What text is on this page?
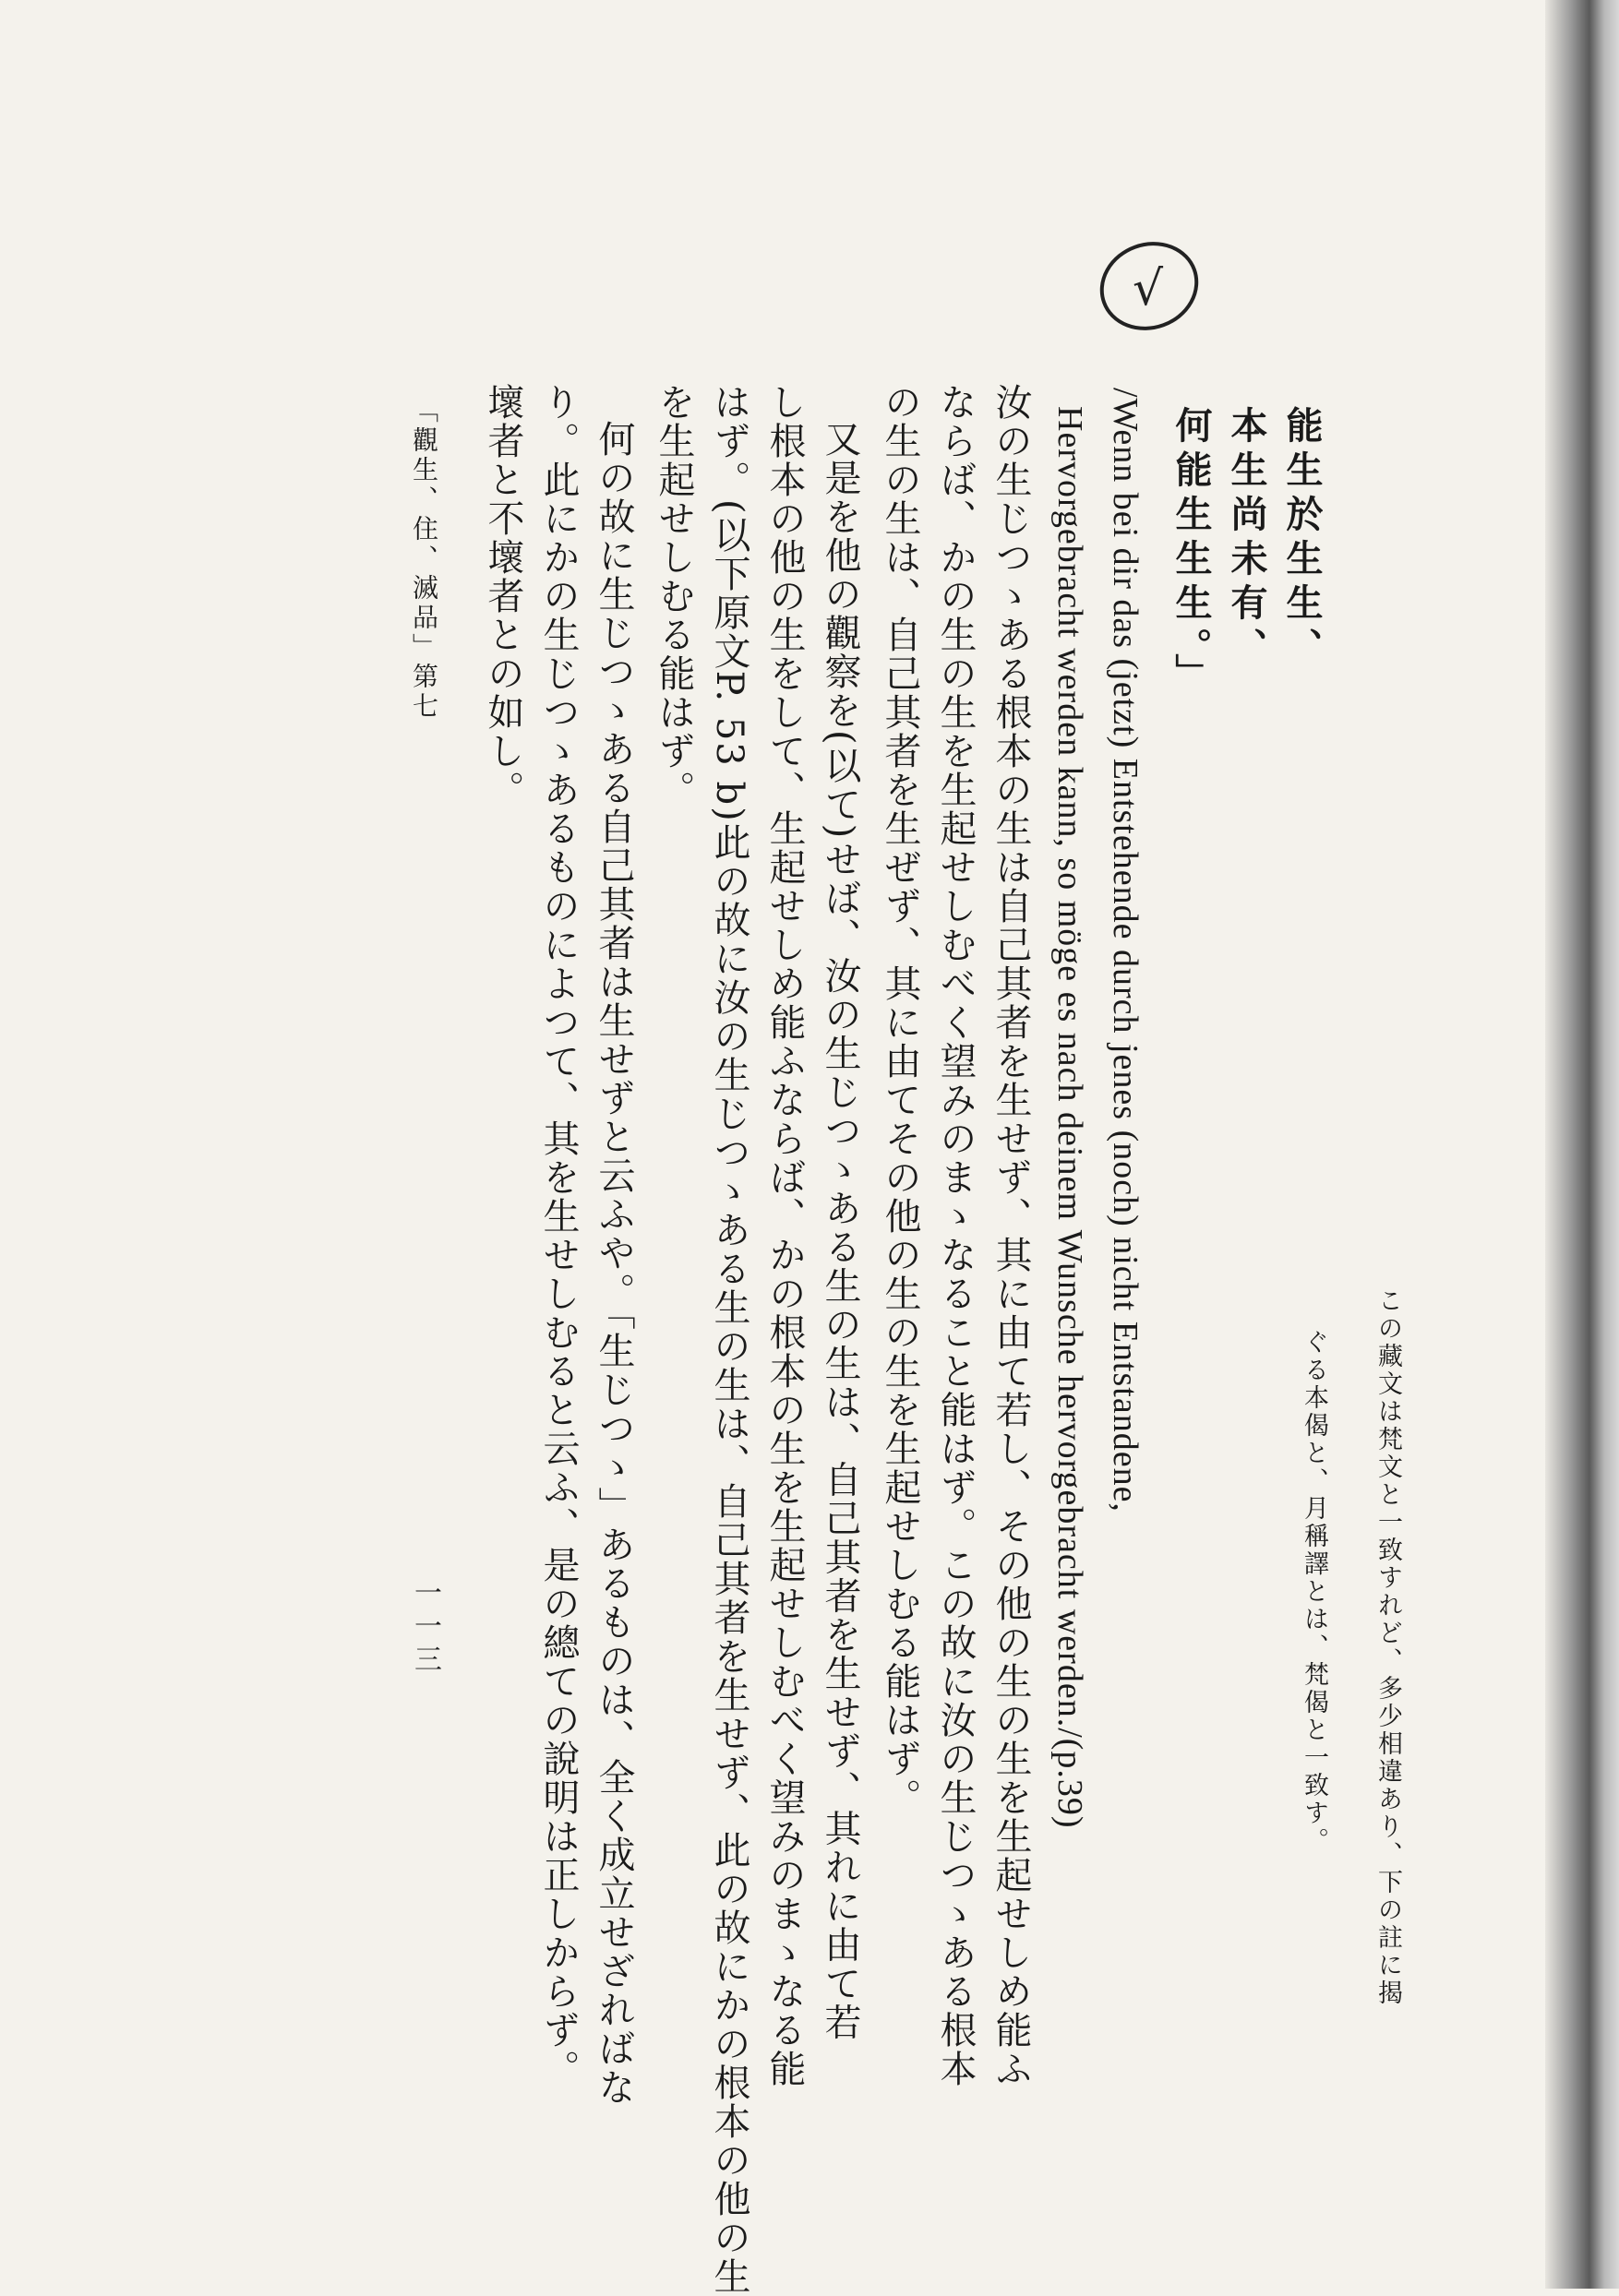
√
この藏文は梵文と一致すれど、多少相違あり、下の註に揭
ぐる本偈と、月稱譯とは、梵偈と一致す。
能生於生生、
本生尚未有、
何能生生生。」
/Wenn bei dir das (jetzt) Entstehende durch jenes (noch) nicht Entstandene,
Hervorgebracht werden kann, so möge es nach deinem Wunsche hervorgebracht werden./(p.39)
汝の生じつゝある根本の生は自己其者を生せず、其に由て若し、その他の生の生を生起せしめ能ふ
ならば、かの生の生を生起せしむべく望みのまゝなること能はず。この故に汝の生じつゝある根本
の生の生は、自己其者を生ぜず、其に由てその他の生の生を生起せしむる能はず。
又是を他の觀察を(以て)せば、汝の生じつゝある生の生は、自己其者を生せず、其れに由て若
し根本の他の生をして、生起せしめ能ふならば、かの根本の生を生起せしむべく望みのまゝなる能
はず。(以下原文P. 53 b)此の故に汝の生じつゝある生の生は、自己其者を生せず、此の故にかの根本の他の生
を生起せしむる能はず。
何の故に生じつゝある自己其者は生せずと云ふや。「生じつゝ」あるものは、全く成立せざればな
り。此にかの生じつゝあるものによつて、其を生せしむると云ふ、是の總ての說明は正しからず。
壞者と不壞者との如し。
「觀生、住、滅品」第七
一一三
